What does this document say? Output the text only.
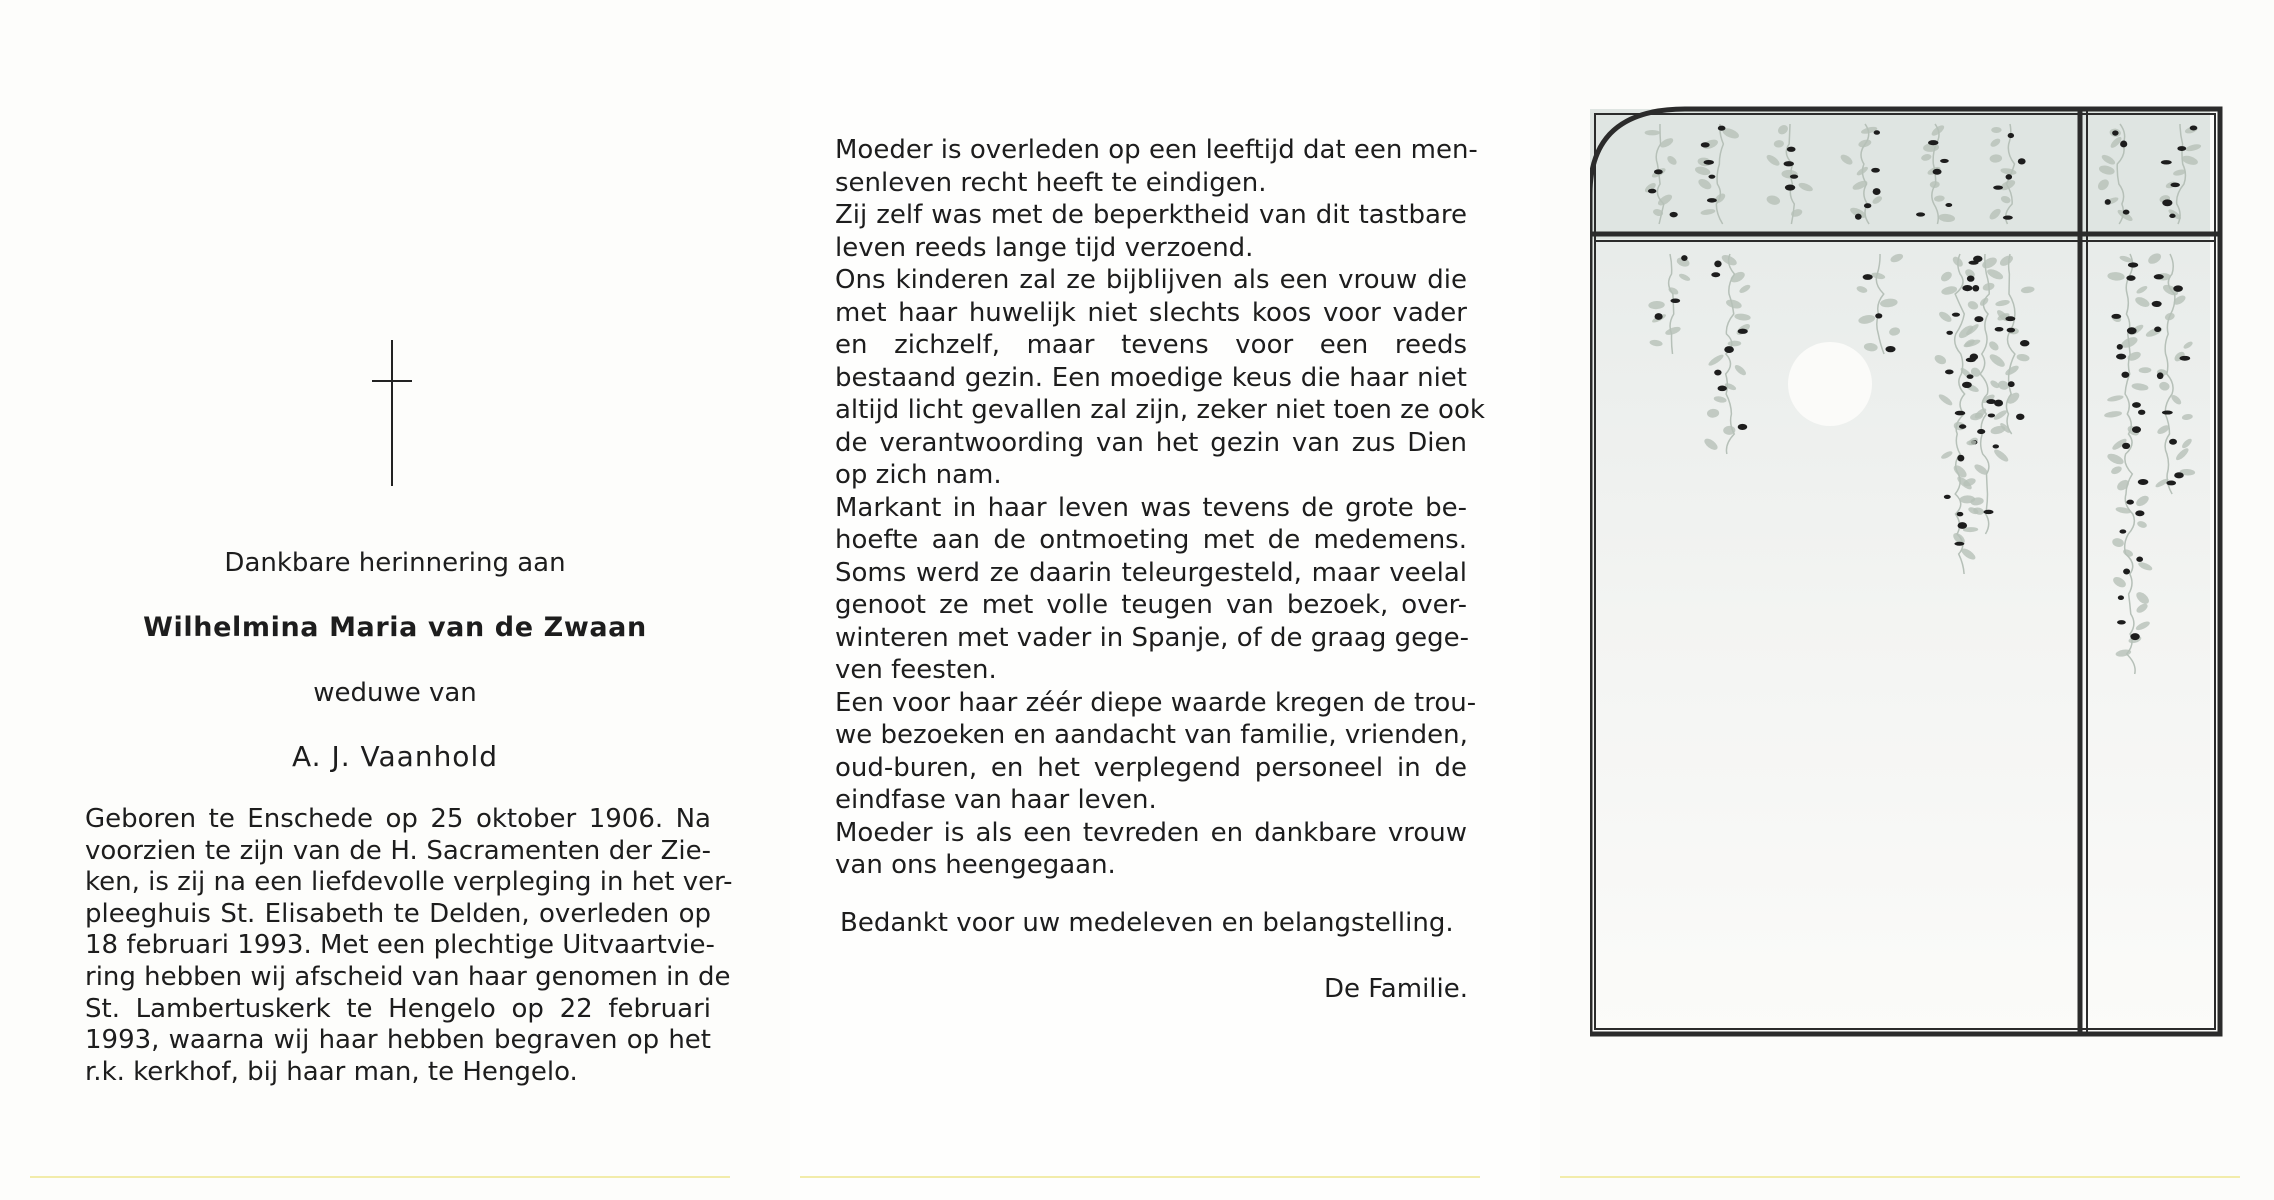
Dankbare herinnering aan
Wilhelmina Maria van de Zwaan
weduwe van
A. J. Vaanhold
Geboren te Enschede op 25 oktober 1906. Na
voorzien te zijn van de H. Sacramenten der Zie-
ken, is zij na een liefdevolle verpleging in het ver-
pleeghuis St. Elisabeth te Delden, overleden op
18 februari 1993. Met een plechtige Uitvaartvie-
ring hebben wij afscheid van haar genomen in de
St. Lambertuskerk te Hengelo op 22 februari
1993, waarna wij haar hebben begraven op het
r.k. kerkhof, bij haar man, te Hengelo.
Moeder is overleden op een leeftijd dat een men-
senleven recht heeft te eindigen.
Zij zelf was met de beperktheid van dit tastbare
leven reeds lange tijd verzoend.
Ons kinderen zal ze bijblijven als een vrouw die
met haar huwelijk niet slechts koos voor vader
en zichzelf, maar tevens voor een reeds
bestaand gezin. Een moedige keus die haar niet
altijd licht gevallen zal zijn, zeker niet toen ze ook
de verantwoording van het gezin van zus Dien
op zich nam.
Markant in haar leven was tevens de grote be-
hoefte aan de ontmoeting met de medemens.
Soms werd ze daarin teleurgesteld, maar veelal
genoot ze met volle teugen van bezoek, over-
winteren met vader in Spanje, of de graag gege-
ven feesten.
Een voor haar zéér diepe waarde kregen de trou-
we bezoeken en aandacht van familie, vrienden,
oud-buren, en het verplegend personeel in de
eindfase van haar leven.
Moeder is als een tevreden en dankbare vrouw
van ons heengegaan.
Bedankt voor uw medeleven en belangstelling.
De Familie.
